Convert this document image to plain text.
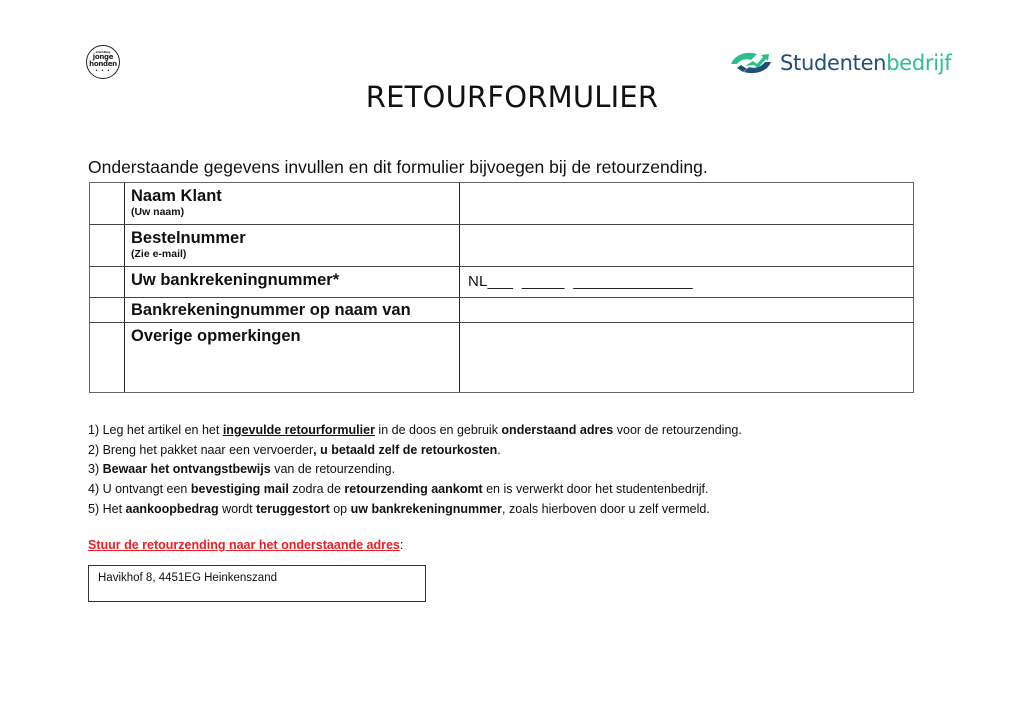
stichting
jonge
honden
• • •	Studentenbedrijf
RETOURFORMULIER
Onderstaande gegevens invullen en dit formulier bijvoegen bij de retourzending.
Naam Klant
(Uw naam)
Bestelnummer
(Zie e-mail)
Uw bankrekeningnummer*	NL___  _____  ______________
Bankrekeningnummer op naam van
Overige opmerkingen
1) Leg het artikel en het ingevulde retourformulier in de doos en gebruik onderstaand adres voor de retourzending.
2) Breng het pakket naar een vervoerder, u betaald zelf de retourkosten.
3) Bewaar het ontvangstbewijs van de retourzending.
4) U ontvangt een bevestiging mail zodra de retourzending aankomt en is verwerkt door het studentenbedrijf.
5) Het aankoopbedrag wordt teruggestort op uw bankrekeningnummer, zoals hierboven door u zelf vermeld.
Stuur de retourzending naar het onderstaande adres:
Havikhof 8, 4451EG Heinkenszand
